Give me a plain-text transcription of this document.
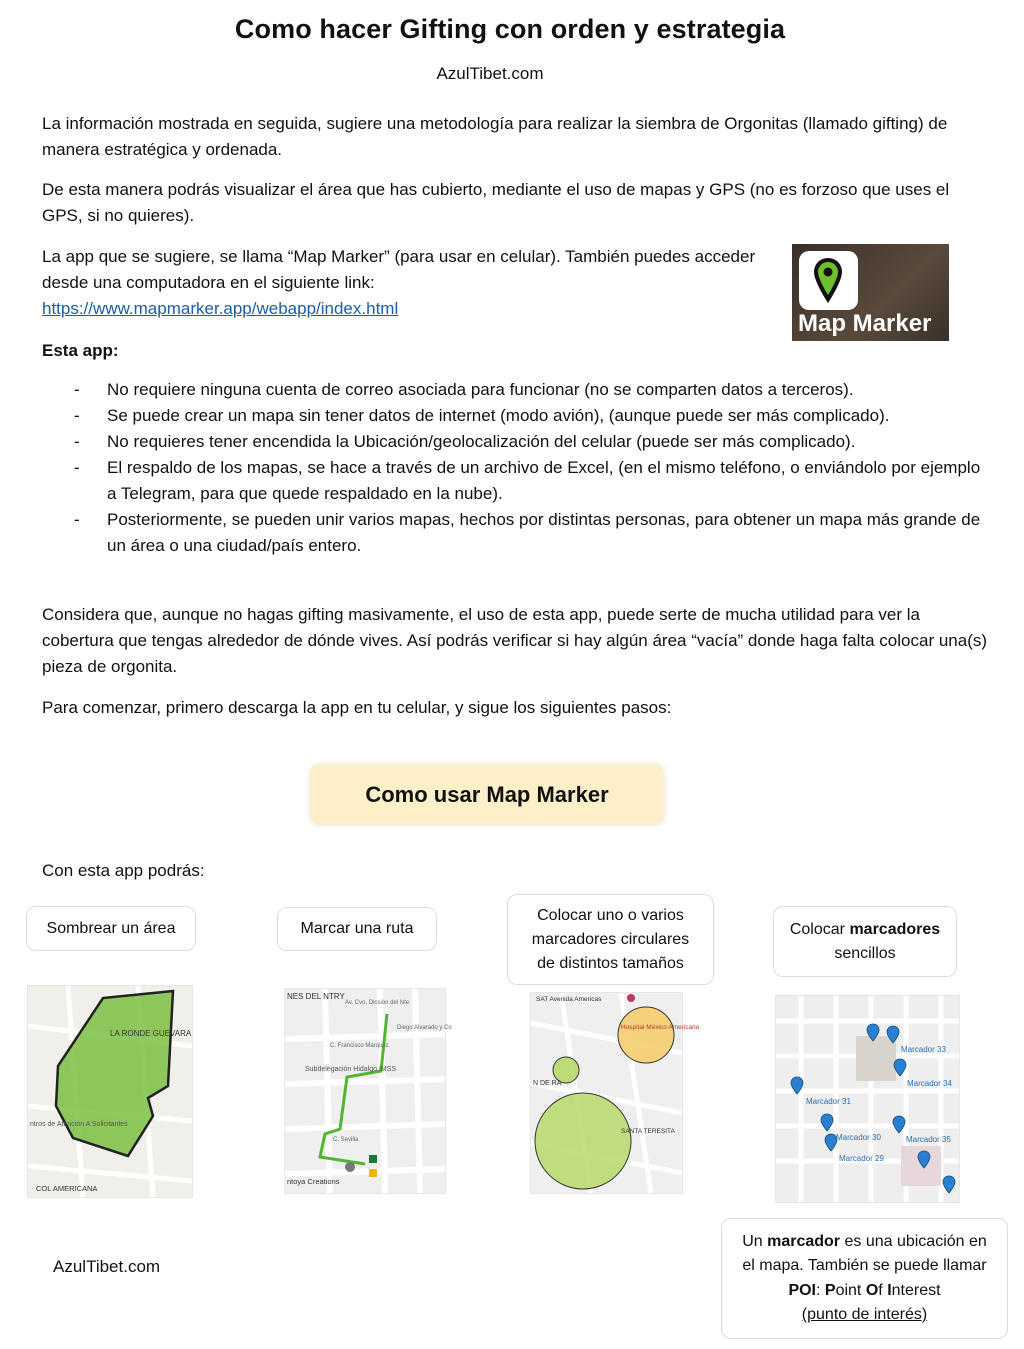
Como hacer Gifting con orden y estrategia
AzulTibet.com
La información mostrada en seguida, sugiere una metodología para realizar la siembra de Orgonitas (llamado gifting) de manera estratégica y ordenada.
De esta manera podrás visualizar el área que has cubierto, mediante el uso de mapas y GPS (no es forzoso que uses el GPS, si no quieres).
La app que se sugiere, se llama “Map Marker” (para usar en celular). También puedes acceder desde una computadora en el siguiente link:
https://www.mapmarker.app/webapp/index.html
Map Marker
Esta app:
- No requiere ninguna cuenta de correo asociada para funcionar (no se comparten datos a terceros).
- Se puede crear un mapa sin tener datos de internet (modo avión), (aunque puede ser más complicado).
- No requieres tener encendida la Ubicación/geolocalización del celular (puede ser más complicado).
- El respaldo de los mapas, se hace a través de un archivo de Excel, (en el mismo teléfono, o enviándolo por ejemplo a Telegram, para que quede respaldado en la nube).
- Posteriormente, se pueden unir varios mapas, hechos por distintas personas, para obtener un mapa más grande de un área o una ciudad/país entero.
Considera que, aunque no hagas gifting masivamente, el uso de esta app, puede serte de mucha utilidad para ver la cobertura que tengas alrededor de dónde vives. Así podrás verificar si hay algún área “vacía” donde haga falta colocar una(s) pieza de orgonita.
Para comenzar, primero descarga la app en tu celular, y sigue los siguientes pasos:
Como usar Map Marker
Con esta app podrás:
Sombrear un área	Marcar una ruta
Colocar uno o varios marcadores circulares de distintos tamaños
Colocar marcadores
sencillos
LA RONDE GUEVARA
COL AMERICANA
ntros de Atención A Solicitantes
NES DEL NTRY
Subdelegación Hidalgo IMSS
ntoya Creations
C. Francisco Marquez
C. Sevilla
Av. Cvo. Dicsión del Nte
Diego Alvarado y Co
SAT Avenida Americas
Hospital México Americano
SANTA TERESITA
N DE RA
Marcador 33
Marcador 34
Marcador 31
Marcador 30	Marcador 35
Marcador 29
AzulTibet.com
Un marcador es una ubicación en el mapa. También se puede llamar POI: Point Of Interest
(punto de interés)
